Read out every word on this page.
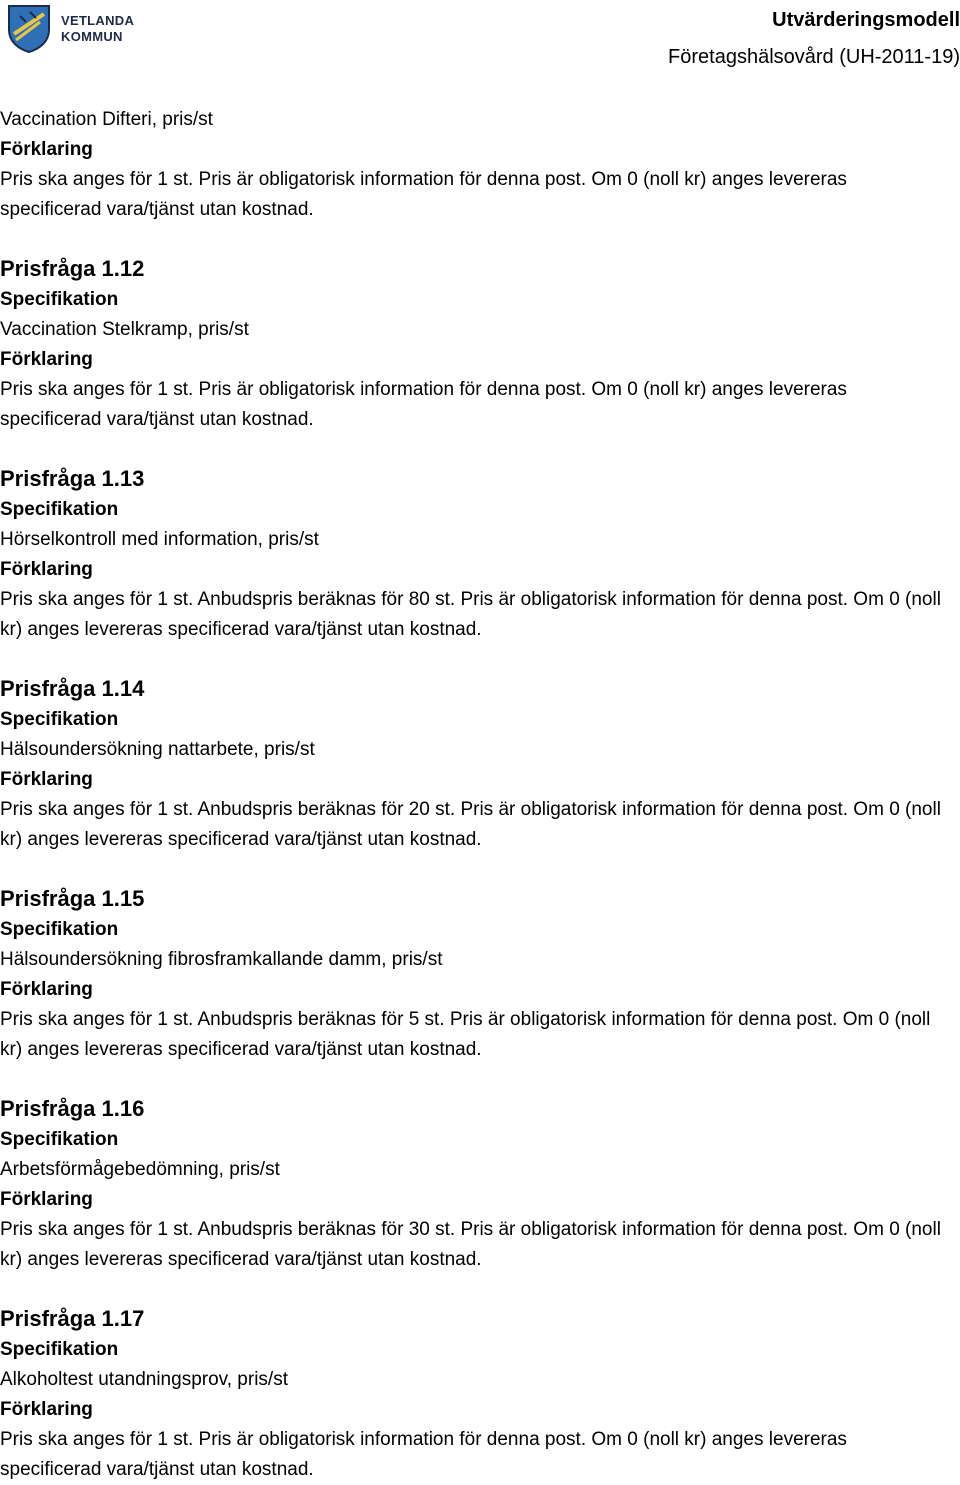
VETLANDA
KOMMUN
Utvärderingsmodell
Företagshälsovård (UH-2011-19)

Vaccination Difteri, pris/st

Förklaring

Pris ska anges för 1 st. Pris är obligatorisk information för denna post. Om 0 (noll kr) anges levereras specificerad vara/tjänst utan kostnad.

Prisfråga 1.12

Specifikation

Vaccination Stelkramp, pris/st

Förklaring

Pris ska anges för 1 st. Pris är obligatorisk information för denna post. Om 0 (noll kr) anges levereras specificerad vara/tjänst utan kostnad.

Prisfråga 1.13

Specifikation

Hörselkontroll med information, pris/st

Förklaring

Pris ska anges för 1 st. Anbudspris beräknas för 80 st. Pris är obligatorisk information för denna post. Om 0 (noll kr) anges levereras specificerad vara/tjänst utan kostnad.

Prisfråga 1.14

Specifikation

Hälsoundersökning nattarbete, pris/st

Förklaring

Pris ska anges för 1 st. Anbudspris beräknas för 20 st. Pris är obligatorisk information för denna post. Om 0 (noll kr) anges levereras specificerad vara/tjänst utan kostnad.

Prisfråga 1.15

Specifikation

Hälsoundersökning fibrosframkallande damm, pris/st

Förklaring

Pris ska anges för 1 st. Anbudspris beräknas för 5 st. Pris är obligatorisk information för denna post. Om 0 (noll kr) anges levereras specificerad vara/tjänst utan kostnad.

Prisfråga 1.16

Specifikation

Arbetsförmågebedömning, pris/st

Förklaring

Pris ska anges för 1 st. Anbudspris beräknas för 30 st. Pris är obligatorisk information för denna post. Om 0 (noll kr) anges levereras specificerad vara/tjänst utan kostnad.

Prisfråga 1.17

Specifikation

Alkoholtest utandningsprov, pris/st

Förklaring

Pris ska anges för 1 st. Pris är obligatorisk information för denna post. Om 0 (noll kr) anges levereras specificerad vara/tjänst utan kostnad.
